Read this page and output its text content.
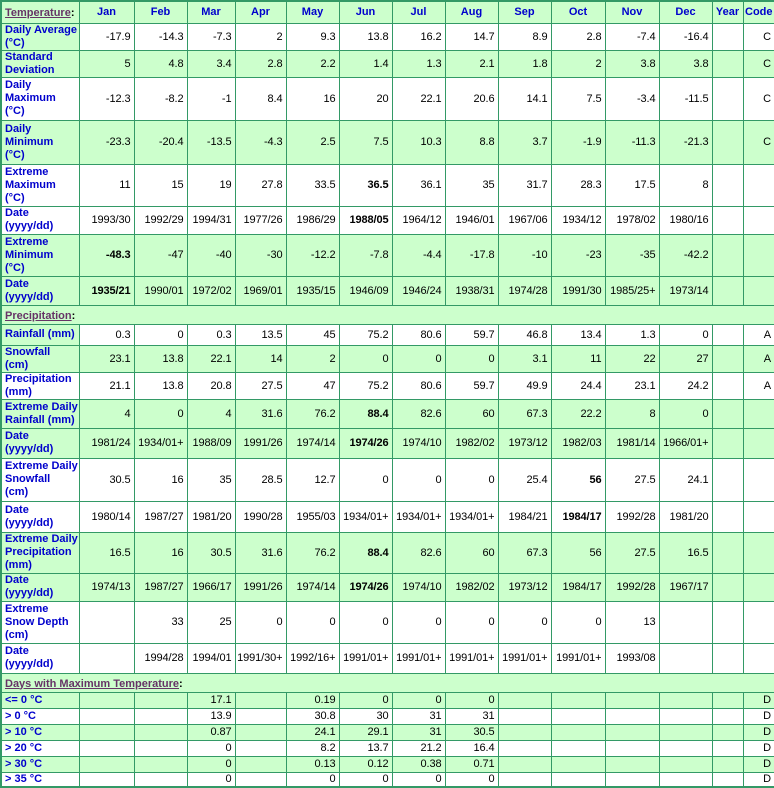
Temperature:	Jan	Feb	Mar	Apr	May	Jun	Jul	Aug	Sep	Oct	Nov	Dec	Year	Code

Daily Average
(°C)	-17.9	-14.3	-7.3	2	9.3	13.8	16.2	14.7	8.9	2.8	-7.4	-16.4		C

Standard
Deviation	5	4.8	3.4	2.8	2.2	1.4	1.3	2.1	1.8	2	3.8	3.8		C

Daily
Maximum
(°C)	-12.3	-8.2	-1	8.4	16	20	22.1	20.6	14.1	7.5	-3.4	-11.5		C

Daily
Minimum
(°C)	-23.3	-20.4	-13.5	-4.3	2.5	7.5	10.3	8.8	3.7	-1.9	-11.3	-21.3		C

Extreme
Maximum
(°C)	11	15	19	27.8	33.5	36.5	36.1	35	31.7	28.3	17.5	8		

Date
(yyyy/dd)	1993/30	1992/29	1994/31	1977/26	1986/29	1988/05	1964/12	1946/01	1967/06	1934/12	1978/02	1980/16		

Extreme
Minimum
(°C)	-48.3	-47	-40	-30	-12.2	-7.8	-4.4	-17.8	-10	-23	-35	-42.2		

Date
(yyyy/dd)	1935/21	1990/01	1972/02	1969/01	1935/15	1946/09	1946/24	1938/31	1974/28	1991/30	1985/25+	1973/14		
Precipitation:														

Rainfall (mm)	0.3	0	0.3	13.5	45	75.2	80.6	59.7	46.8	13.4	1.3	0		A

Snowfall
(cm)	23.1	13.8	22.1	14	2	0	0	0	3.1	11	22	27		A

Precipitation
(mm)	21.1	13.8	20.8	27.5	47	75.2	80.6	59.7	49.9	24.4	23.1	24.2		A

Extreme Daily
Rainfall (mm)	4	0	4	31.6	76.2	88.4	82.6	60	67.3	22.2	8	0		

Date
(yyyy/dd)	1981/24	1934/01+	1988/09	1991/26	1974/14	1974/26	1974/10	1982/02	1973/12	1982/03	1981/14	1966/01+		

Extreme Daily
Snowfall
(cm)	30.5	16	35	28.5	12.7	0	0	0	25.4	56	27.5	24.1		

Date
(yyyy/dd)	1980/14	1987/27	1981/20	1990/28	1955/03	1934/01+	1934/01+	1934/01+	1984/21	1984/17	1992/28	1981/20		

Extreme Daily
Precipitation
(mm)	16.5	16	30.5	31.6	76.2	88.4	82.6	60	67.3	56	27.5	16.5		

Date
(yyyy/dd)	1974/13	1987/27	1966/17	1991/26	1974/14	1974/26	1974/10	1982/02	1973/12	1984/17	1992/28	1967/17		

Extreme
Snow Depth
(cm)		33	25	0	0	0	0	0	0	0	13			

Date
(yyyy/dd)		1994/28	1994/01	1991/30+	1992/16+	1991/01+	1991/01+	1991/01+	1991/01+	1991/01+	1993/08			
Days with Maximum Temperature:														

<= 0 °C			17.1		0.19	0	0	0						D

> 0 °C			13.9		30.8	30	31	31						D

> 10 °C			0.87		24.1	29.1	31	30.5						D

> 20 °C			0		8.2	13.7	21.2	16.4						D

> 30 °C			0		0.13	0.12	0.38	0.71						D

> 35 °C			0		0	0	0	0						D
